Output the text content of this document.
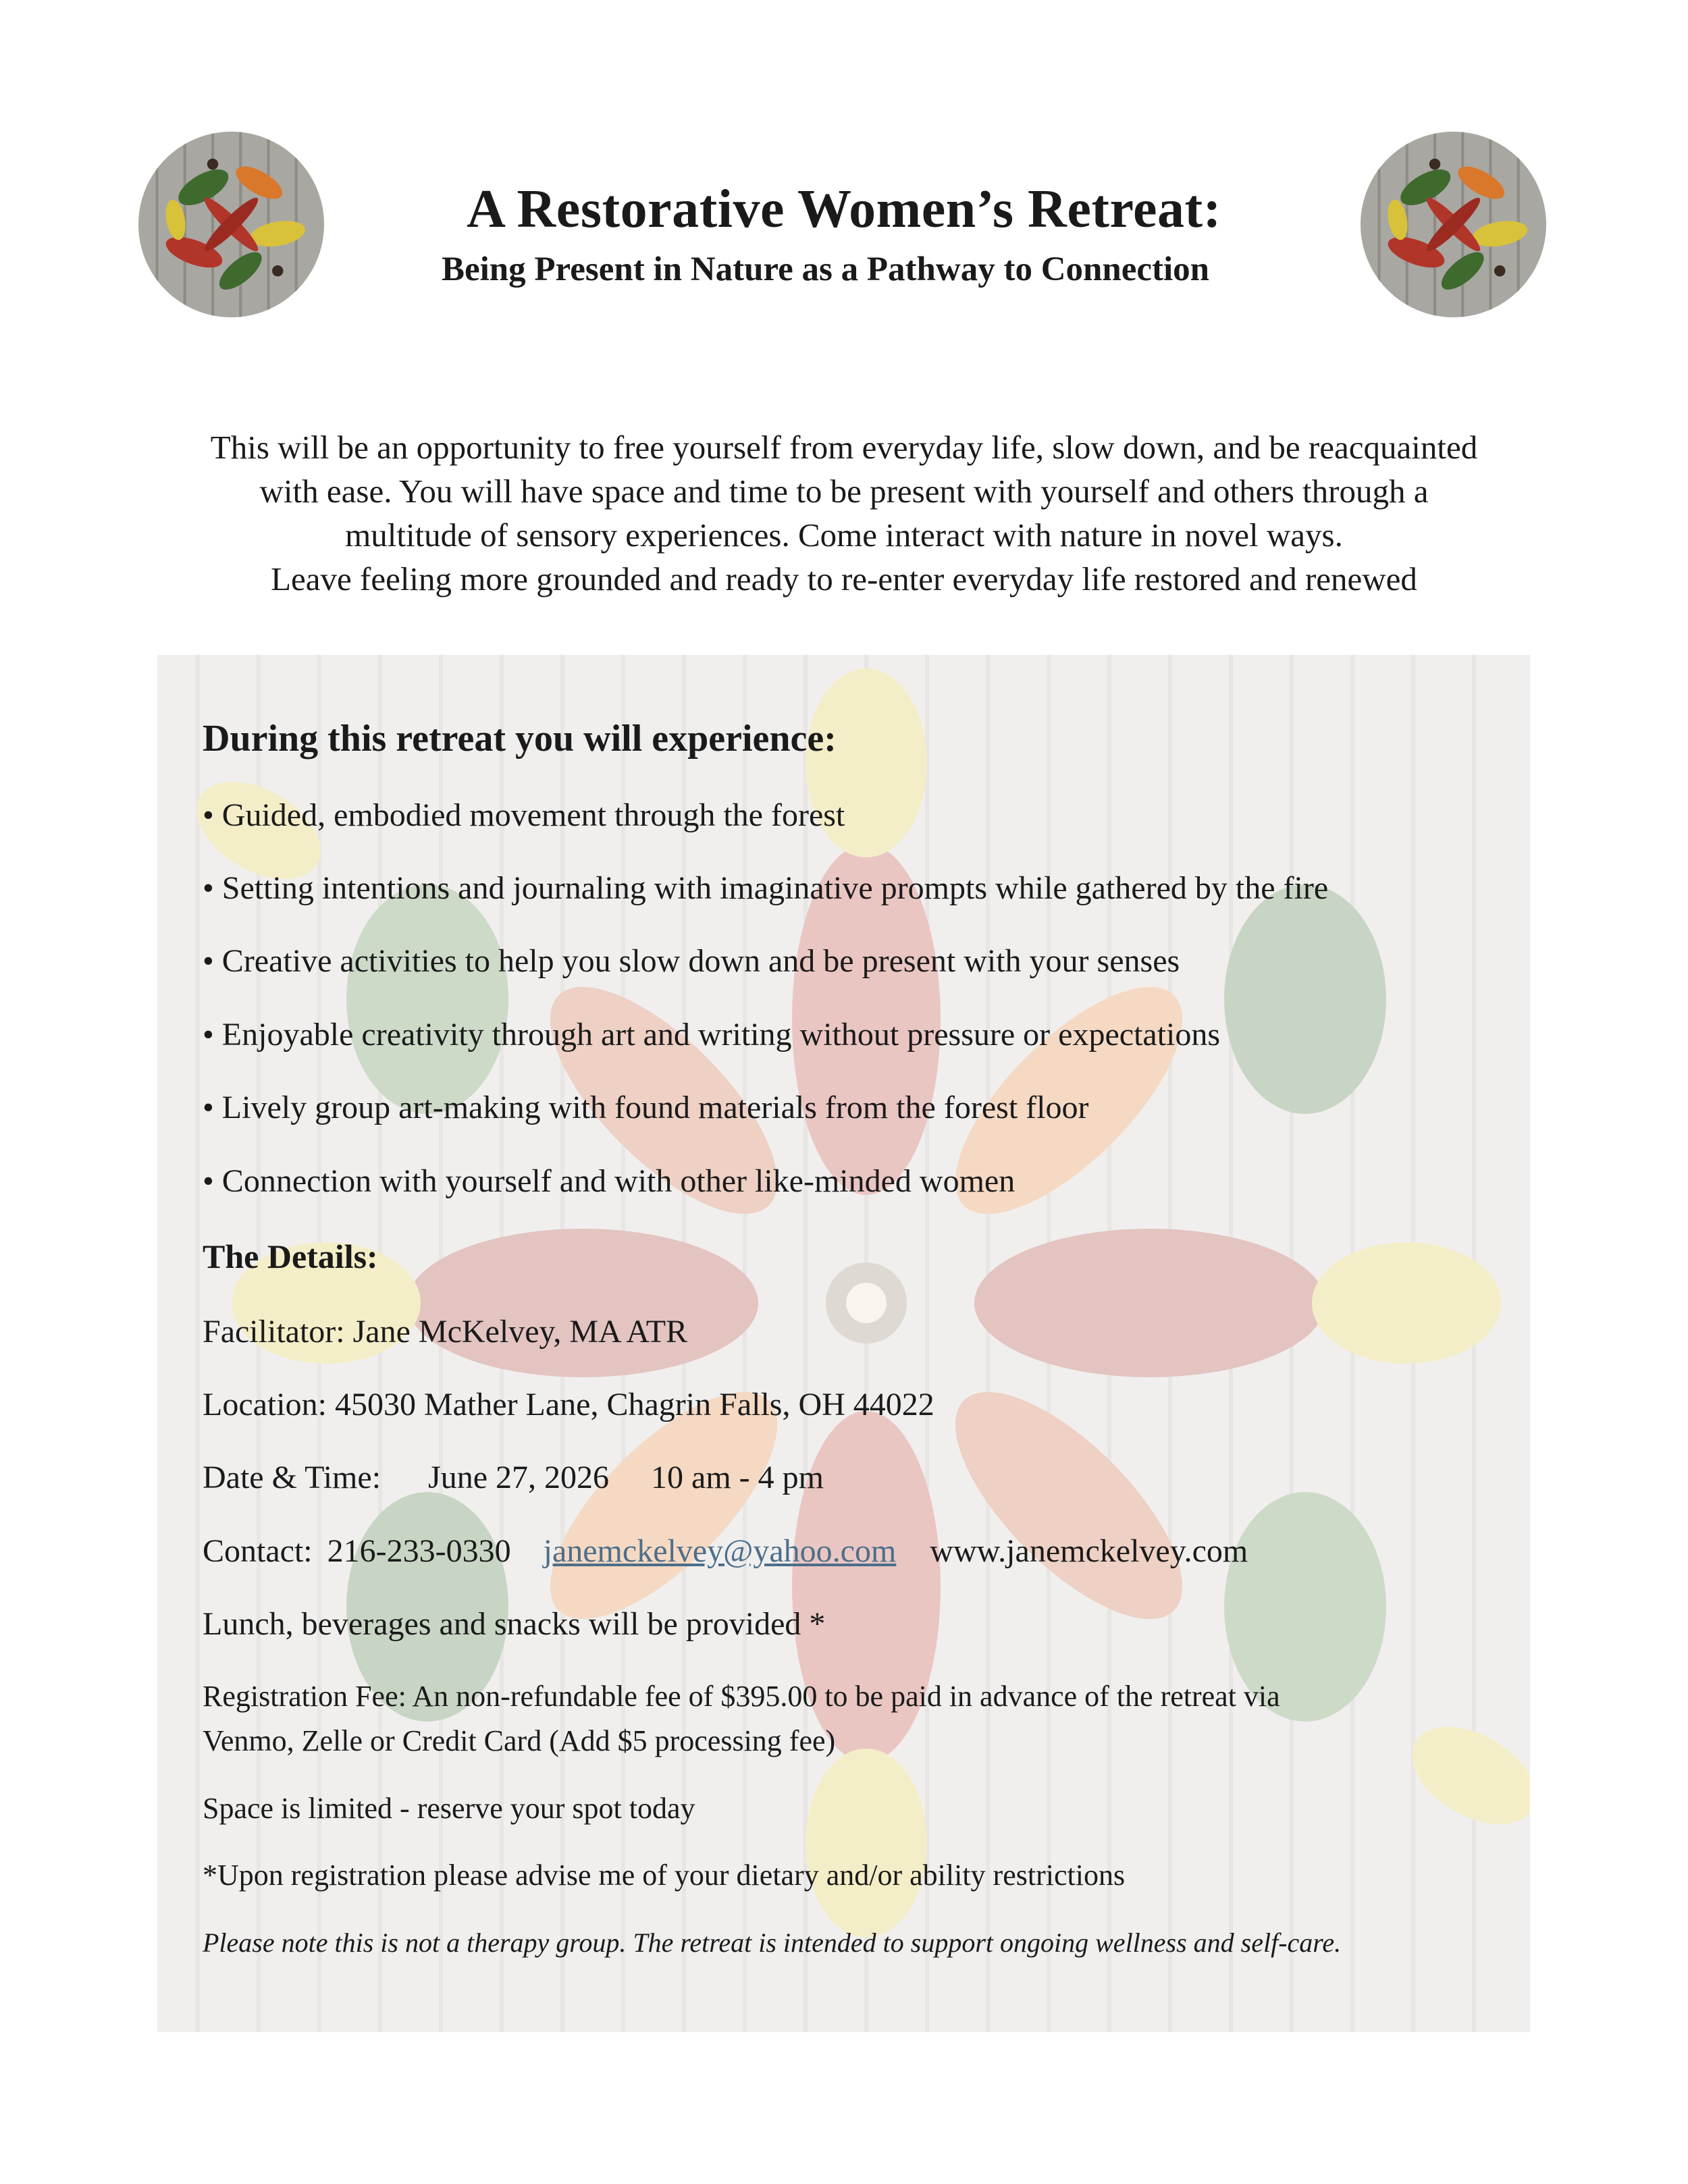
A Restorative Women’s Retreat:
Being Present in Nature as a Pathway to Connection
This will be an opportunity to free yourself from everyday life, slow down, and be reacquainted
with ease. You will have space and time to be present with yourself and others through a
multitude of sensory experiences. Come interact with nature in novel ways.
Leave feeling more grounded and ready to re-enter everyday life restored and renewed
During this retreat you will experience:
• Guided, embodied movement through the forest
• Setting intentions and journaling with imaginative prompts while gathered by the fire
• Creative activities to help you slow down and be present with your senses
• Enjoyable creativity through art and writing without pressure or expectations
• Lively group art-making with found materials from the forest floor
• Connection with yourself and with other like-minded women
The Details:
Facilitator: Jane McKelvey, MA ATR
Location: 45030 Mather Lane, Chagrin Falls, OH 44022
Date & Time: June 27, 2026 10 am - 4 pm
Contact: 216-233-0330 janemckelvey@yahoo.com www.janemckelvey.com
Lunch, beverages and snacks will be provided *
Registration Fee: An non-refundable fee of $395.00 to be paid in advance of the retreat via
Venmo, Zelle or Credit Card (Add $5 processing fee)
Space is limited - reserve your spot today
*Upon registration please advise me of your dietary and/or ability restrictions
Please note this is not a therapy group. The retreat is intended to support ongoing wellness and self-care.
